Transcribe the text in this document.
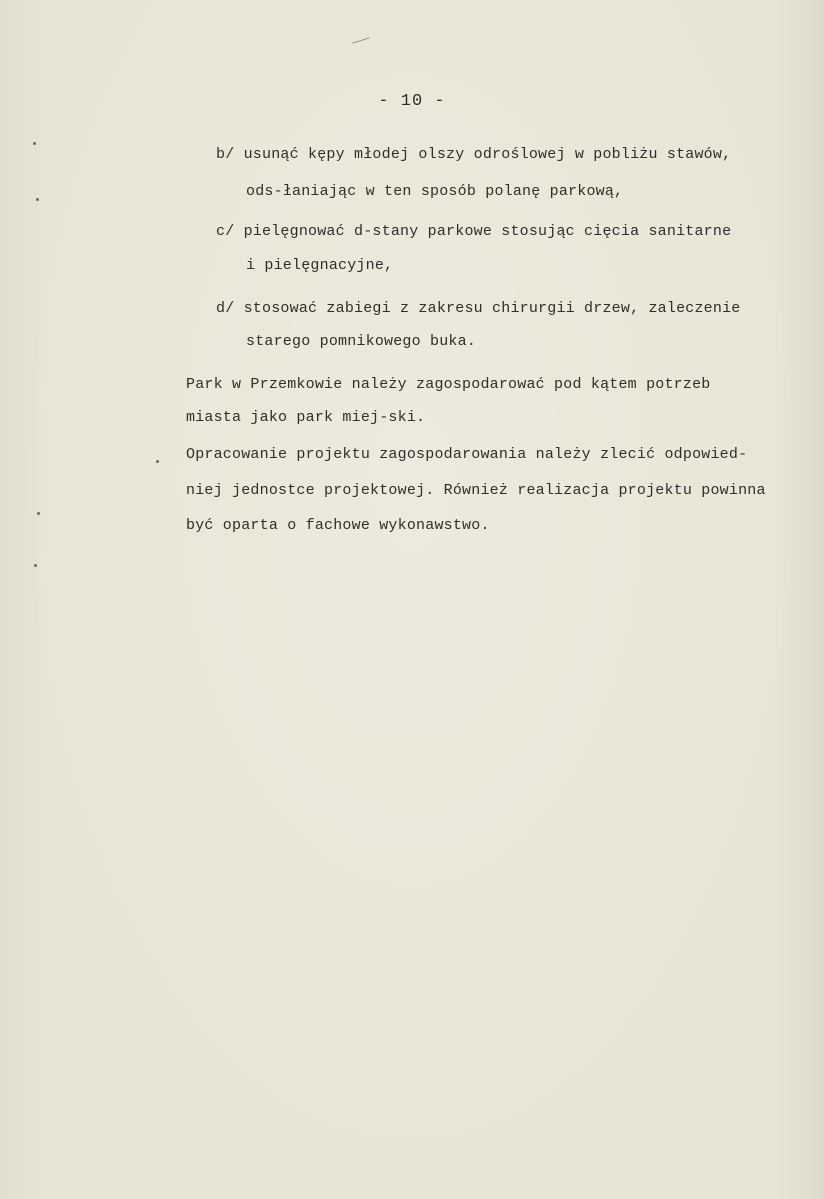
- 10 -
b/ usunąć kępy młodej olszy odroślowej w pobliżu stawów,
ods-łaniając w ten sposób polanę parkową,
c/ pielęgnować d-stany parkowe stosując cięcia sanitarne
i pielęgnacyjne,
d/ stosować zabiegi z zakresu chirurgii drzew, zaleczenie
starego pomnikowego buka.
Park w Przemkowie należy zagospodarować pod kątem potrzeb
miasta jako park miej-ski.
Opracowanie projektu zagospodarowania należy zlecić odpowied-
niej jednostce projektowej. Również realizacja projektu powinna
być oparta o fachowe wykonawstwo.
